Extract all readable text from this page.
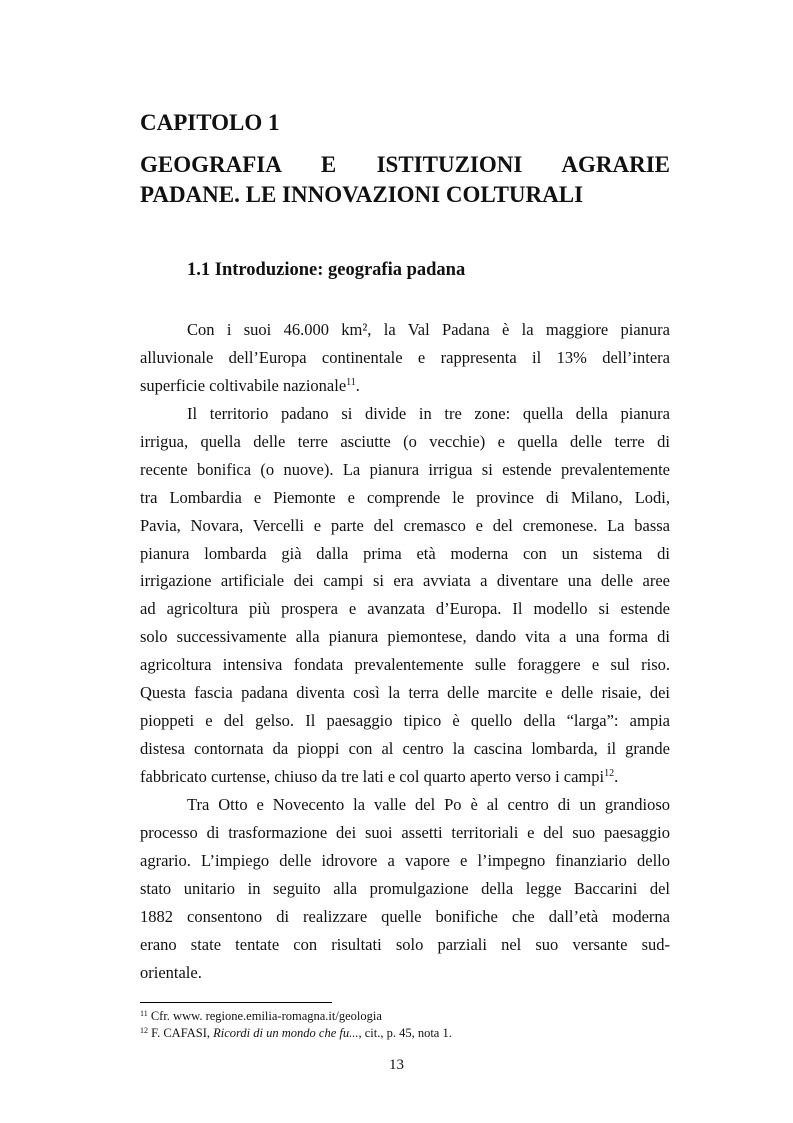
CAPITOLO 1
GEOGRAFIA E ISTITUZIONI AGRARIE
PADANE. LE INNOVAZIONI COLTURALI
1.1 Introduzione: geografia padana
Con i suoi 46.000 km², la Val Padana è la maggiore pianura
alluvionale dell’Europa continentale e rappresenta il 13% dell’intera
superficie coltivabile nazionale$^{11}$.
Il territorio padano si divide in tre zone: quella della pianura
irrigua, quella delle terre asciutte (o vecchie) e quella delle terre di
recente bonifica (o nuove). La pianura irrigua si estende prevalentemente
tra Lombardia e Piemonte e comprende le province di Milano, Lodi,
Pavia, Novara, Vercelli e parte del cremasco e del cremonese. La bassa
pianura lombarda già dalla prima età moderna con un sistema di
irrigazione artificiale dei campi si era avviata a diventare una delle aree
ad agricoltura più prospera e avanzata d’Europa. Il modello si estende
solo successivamente alla pianura piemontese, dando vita a una forma di
agricoltura intensiva fondata prevalentemente sulle foraggere e sul riso.
Questa fascia padana diventa così la terra delle marcite e delle risaie, dei
pioppeti e del gelso. Il paesaggio tipico è quello della “larga”: ampia
distesa contornata da pioppi con al centro la cascina lombarda, il grande
fabbricato curtense, chiuso da tre lati e col quarto aperto verso i campi$^{12}$.
Tra Otto e Novecento la valle del Po è al centro di un grandioso
processo di trasformazione dei suoi assetti territoriali e del suo paesaggio
agrario. L’impiego delle idrovore a vapore e l’impegno finanziario dello
stato unitario in seguito alla promulgazione della legge Baccarini del
1882 consentono di realizzare quelle bonifiche che dall’età moderna
erano state tentate con risultati solo parziali nel suo versante sud-
orientale.
$^{11}$ Cfr. www. regione.emilia-romagna.it/geologia
$^{12}$ F. CAFASI, Ricordi di un mondo che fu..., cit., p. 45, nota 1.
13
